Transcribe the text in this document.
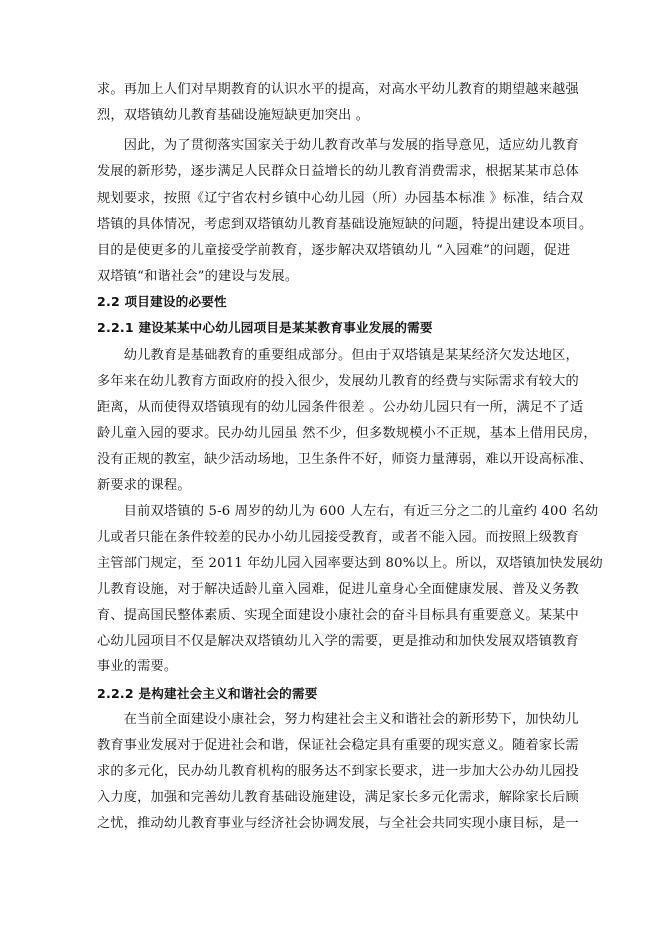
求。再加上人们对早期教育的认识水平的提高，对高水平幼儿教育的期望越来越强
烈，双塔镇幼儿教育基础设施短缺更加突出 。
　　因此，为了贯彻落实国家关于幼儿教育改革与发展的指导意见，适应幼儿教育
发展的新形势，逐步满足人民群众日益增长的幼儿教育消费需求，根据某某市总体
规划要求，按照《辽宁省农村乡镇中心幼儿园（所）办园基本标准 》标准，结合双
塔镇的具体情况，考虑到双塔镇幼儿教育基础设施短缺的问题，特提出建设本项目。
目的是使更多的儿童接受学前教育，逐步解决双塔镇幼儿 “入园难”的问题，促进
双塔镇“和谐社会”的建设与发展。
2.2 项目建设的必要性
2.2.1 建设某某中心幼儿园项目是某某教育事业发展的需要
　　幼儿教育是基础教育的重要组成部分。但由于双塔镇是某某经济欠发达地区，
多年来在幼儿教育方面政府的投入很少，发展幼儿教育的经费与实际需求有较大的
距离，从而使得双塔镇现有的幼儿园条件很差 。公办幼儿园只有一所，满足不了适
龄儿童入园的要求。民办幼儿园虽 然不少，但多数规模小不正规，基本上借用民房，
没有正规的教室，缺少活动场地，卫生条件不好，师资力量薄弱，难以开设高标准、
新要求的课程。
　　目前双塔镇的 5-6 周岁的幼儿为 600 人左右，有近三分之二的儿童约 400 名幼
儿或者只能在条件较差的民办小幼儿园接受教育，或者不能入园。而按照上级教育
主管部门规定，至 2011 年幼儿园入园率要达到 80%以上。所以，双塔镇加快发展幼
儿教育设施，对于解决适龄儿童入园难，促进儿童身心全面健康发展、普及义务教
育、提高国民整体素质、实现全面建设小康社会的奋斗目标具有重要意义。某某中
心幼儿园项目不仅是解决双塔镇幼儿入学的需要，更是推动和加快发展双塔镇教育
事业的需要。
2.2.2 是构建社会主义和谐社会的需要
　　在当前全面建设小康社会，努力构建社会主义和谐社会的新形势下，加快幼儿
教育事业发展对于促进社会和谐，保证社会稳定具有重要的现实意义。随着家长需
求的多元化，民办幼儿教育机构的服务达不到家长要求，进一步加大公办幼儿园投
入力度，加强和完善幼儿教育基础设施建设，满足家长多元化需求，解除家长后顾
之忧，推动幼儿教育事业与经济社会协调发展，与全社会共同实现小康目标，是一
